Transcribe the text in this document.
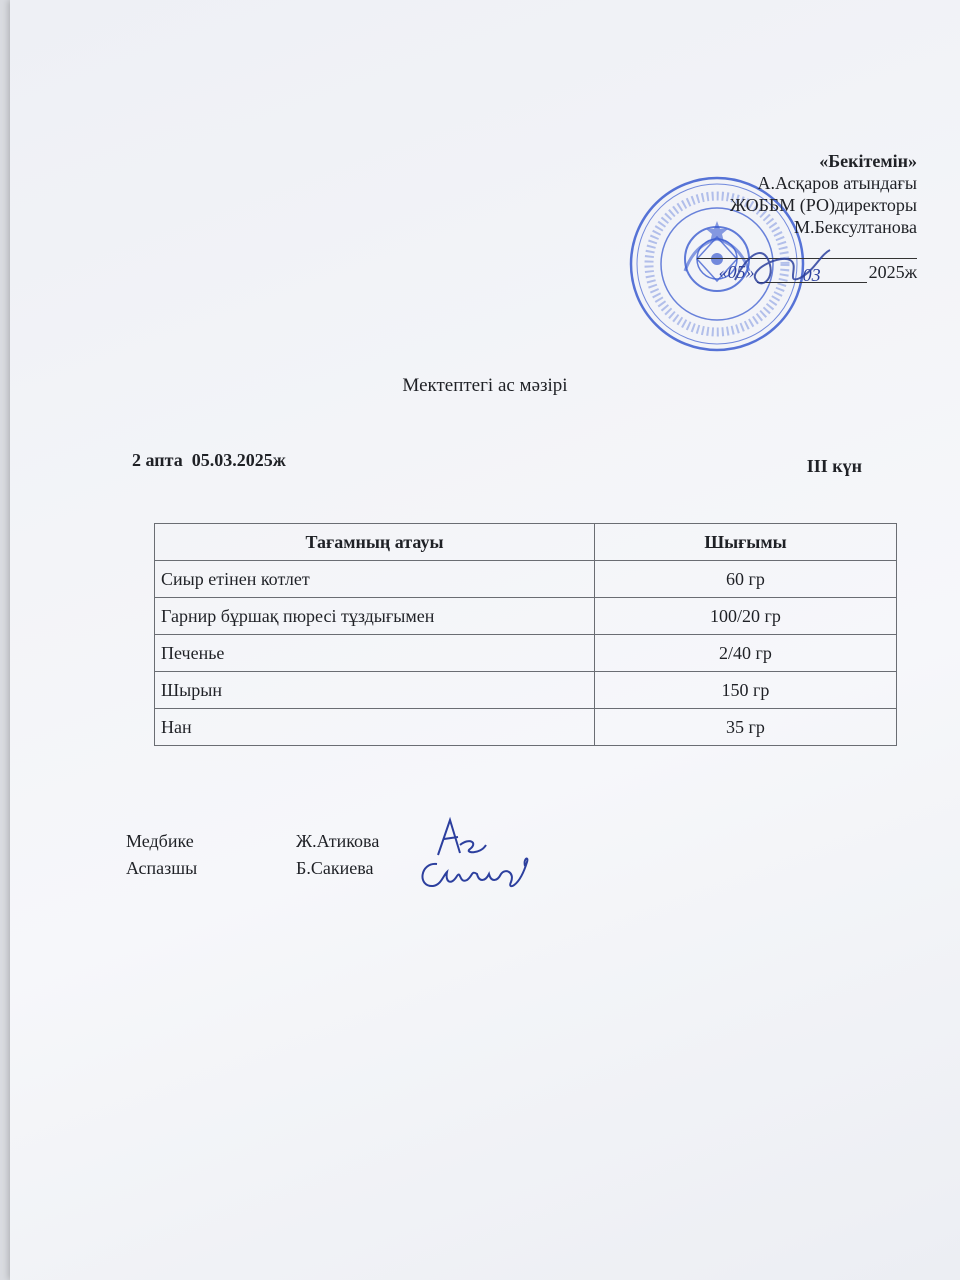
«Бекітемін»
А.Асқаров атындағы
ЖОББМ (РО)директоры
М.Бексултанова
«05»	03	2025ж
Мектептегі ас мәзірі
2 апта  05.03.2025ж	ІІІ күн
Тағамның атауы	Шығымы
Сиыр етінен котлет	60 гр
Гарнир бұршақ пюресі тұздығымен	100/20 гр
Печенье	2/40 гр
Шырын	150 гр
Нан	35 гр
Медбике	Ж.Атикова
Аспазшы	Б.Сакиева
